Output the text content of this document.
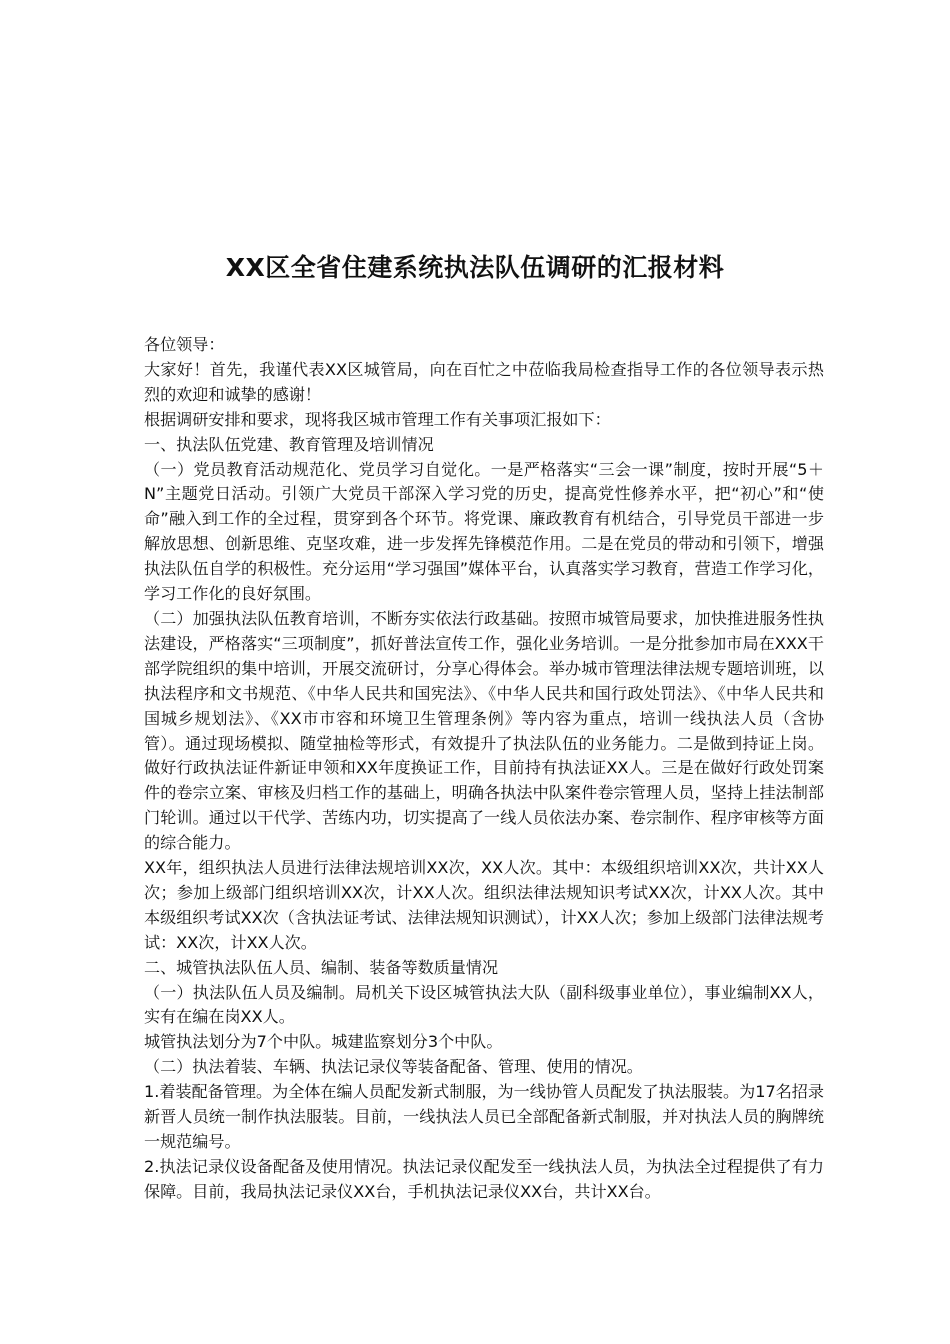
XX区全省住建系统执法队伍调研的汇报材料

各位领导：

大家好！首先，我谨代表XX区城管局，向在百忙之中莅临我局检查指导工作的各位领导表示热烈的欢迎和诚挚的感谢！

根据调研安排和要求，现将我区城市管理工作有关事项汇报如下：

一、执法队伍党建、教育管理及培训情况

（一）党员教育活动规范化、党员学习自觉化。一是严格落实“三会一课”制度，按时开展“5＋N”主题党日活动。引领广大党员干部深入学习党的历史，提高党性修养水平，把“初心”和“使命”融入到工作的全过程，贯穿到各个环节。将党课、廉政教育有机结合，引导党员干部进一步解放思想、创新思维、克坚攻难，进一步发挥先锋模范作用。二是在党员的带动和引领下，增强执法队伍自学的积极性。充分运用“学习强国”媒体平台，认真落实学习教育，营造工作学习化，学习工作化的良好氛围。

（二）加强执法队伍教育培训，不断夯实依法行政基础。按照市城管局要求，加快推进服务性执法建设，严格落实“三项制度”，抓好普法宣传工作，强化业务培训。一是分批参加市局在XXX干部学院组织的集中培训，开展交流研讨，分享心得体会。举办城市管理法律法规专题培训班，以执法程序和文书规范、《中华人民共和国宪法》、《中华人民共和国行政处罚法》、《中华人民共和国城乡规划法》、《XX市市容和环境卫生管理条例》等内容为重点，培训一线执法人员（含协管）。通过现场模拟、随堂抽检等形式，有效提升了执法队伍的业务能力。二是做到持证上岗。做好行政执法证件新证申领和XX年度换证工作，目前持有执法证XX人。三是在做好行政处罚案件的卷宗立案、审核及归档工作的基础上，明确各执法中队案件卷宗管理人员，坚持上挂法制部门轮训。通过以干代学、苦练内功，切实提高了一线人员依法办案、卷宗制作、程序审核等方面的综合能力。

XX年，组织执法人员进行法律法规培训XX次，XX人次。其中：本级组织培训XX次，共计XX人次；参加上级部门组织培训XX次，计XX人次。组织法律法规知识考试XX次，计XX人次。其中本级组织考试XX次（含执法证考试、法律法规知识测试），计XX人次；参加上级部门法律法规考试：XX次，计XX人次。

二、城管执法队伍人员、编制、装备等数质量情况

（一）执法队伍人员及编制。局机关下设区城管执法大队（副科级事业单位），事业编制XX人，实有在编在岗XX人。

城管执法划分为7个中队。城建监察划分3个中队。

（二）执法着装、车辆、执法记录仪等装备配备、管理、使用的情况。

1.着装配备管理。为全体在编人员配发新式制服，为一线协管人员配发了执法服装。为17名招录新晋人员统一制作执法服装。目前，一线执法人员已全部配备新式制服，并对执法人员的胸牌统一规范编号。

2.执法记录仪设备配备及使用情况。执法记录仪配发至一线执法人员，为执法全过程提供了有力保障。目前，我局执法记录仪XX台，手机执法记录仪XX台，共计XX台。
